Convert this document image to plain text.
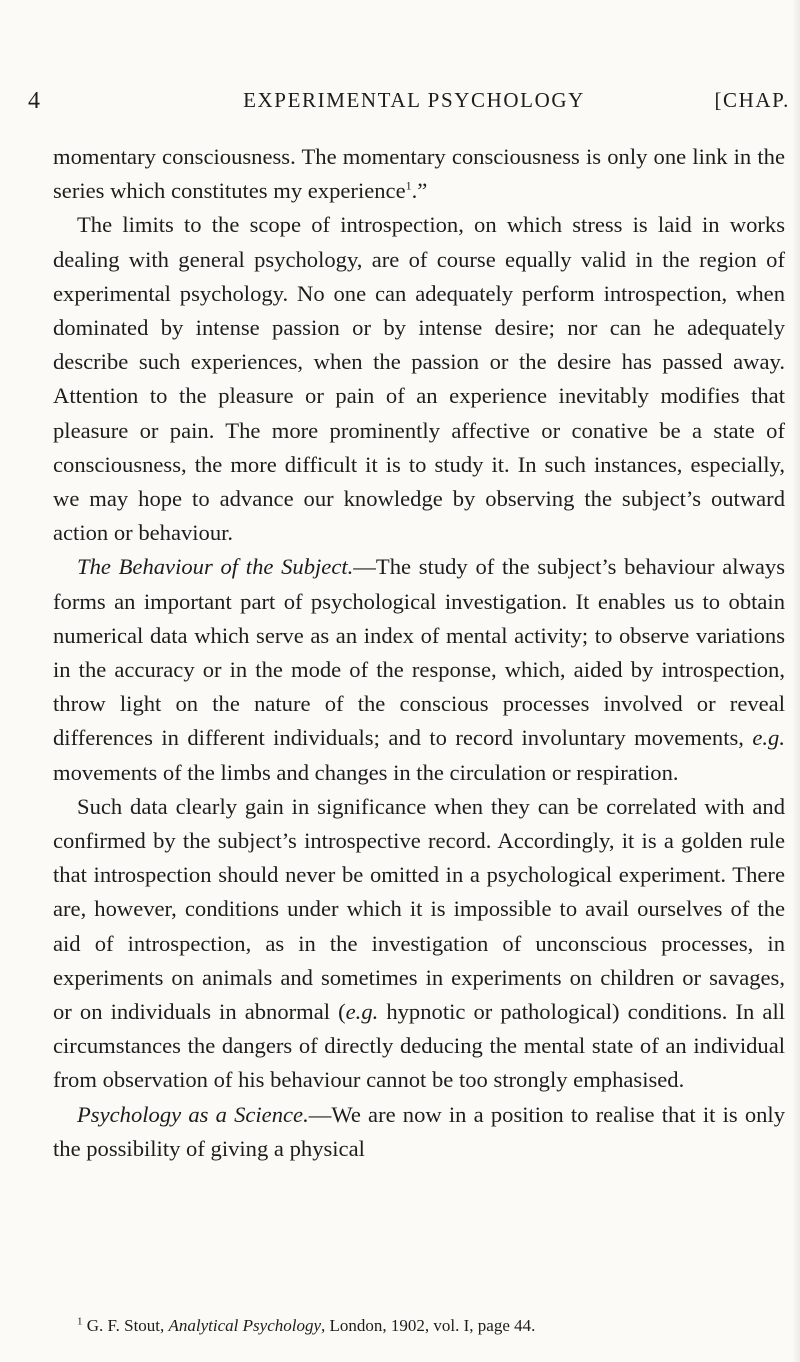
4	EXPERIMENTAL PSYCHOLOGY	[CHAP.

momentary consciousness. The momentary consciousness is only one link in the series which constitutes my experience$^1$.”

The limits to the scope of introspection, on which stress is laid in works dealing with general psychology, are of course equally valid in the region of experimental psychology. No one can adequately perform introspection, when dominated by intense passion or by intense desire; nor can he adequately describe such experiences, when the passion or the desire has passed away. Attention to the pleasure or pain of an experience inevitably modifies that pleasure or pain. The more prominently affective or conative be a state of consciousness, the more difficult it is to study it. In such instances, especially, we may hope to advance our knowledge by observing the subject’s outward action or behaviour.

The Behaviour of the Subject.—The study of the subject’s behaviour always forms an important part of psychological investigation. It enables us to obtain numerical data which serve as an index of mental activity; to observe variations in the accuracy or in the mode of the response, which, aided by introspection, throw light on the nature of the conscious processes involved or reveal differences in different individuals; and to record involuntary movements, e.g. movements of the limbs and changes in the circulation or respiration.

Such data clearly gain in significance when they can be correlated with and confirmed by the subject’s introspective record. Accordingly, it is a golden rule that introspection should never be omitted in a psychological experiment. There are, however, conditions under which it is impossible to avail ourselves of the aid of introspection, as in the investigation of unconscious processes, in experiments on animals and sometimes in experiments on children or savages, or on individuals in abnormal (e.g. hypnotic or pathological) conditions. In all circumstances the dangers of directly deducing the mental state of an individual from observation of his behaviour cannot be too strongly emphasised.

Psychology as a Science.—We are now in a position to realise that it is only the possibility of giving a physical

$^1$ G. F. Stout, Analytical Psychology, London, 1902, vol. I, page 44.
